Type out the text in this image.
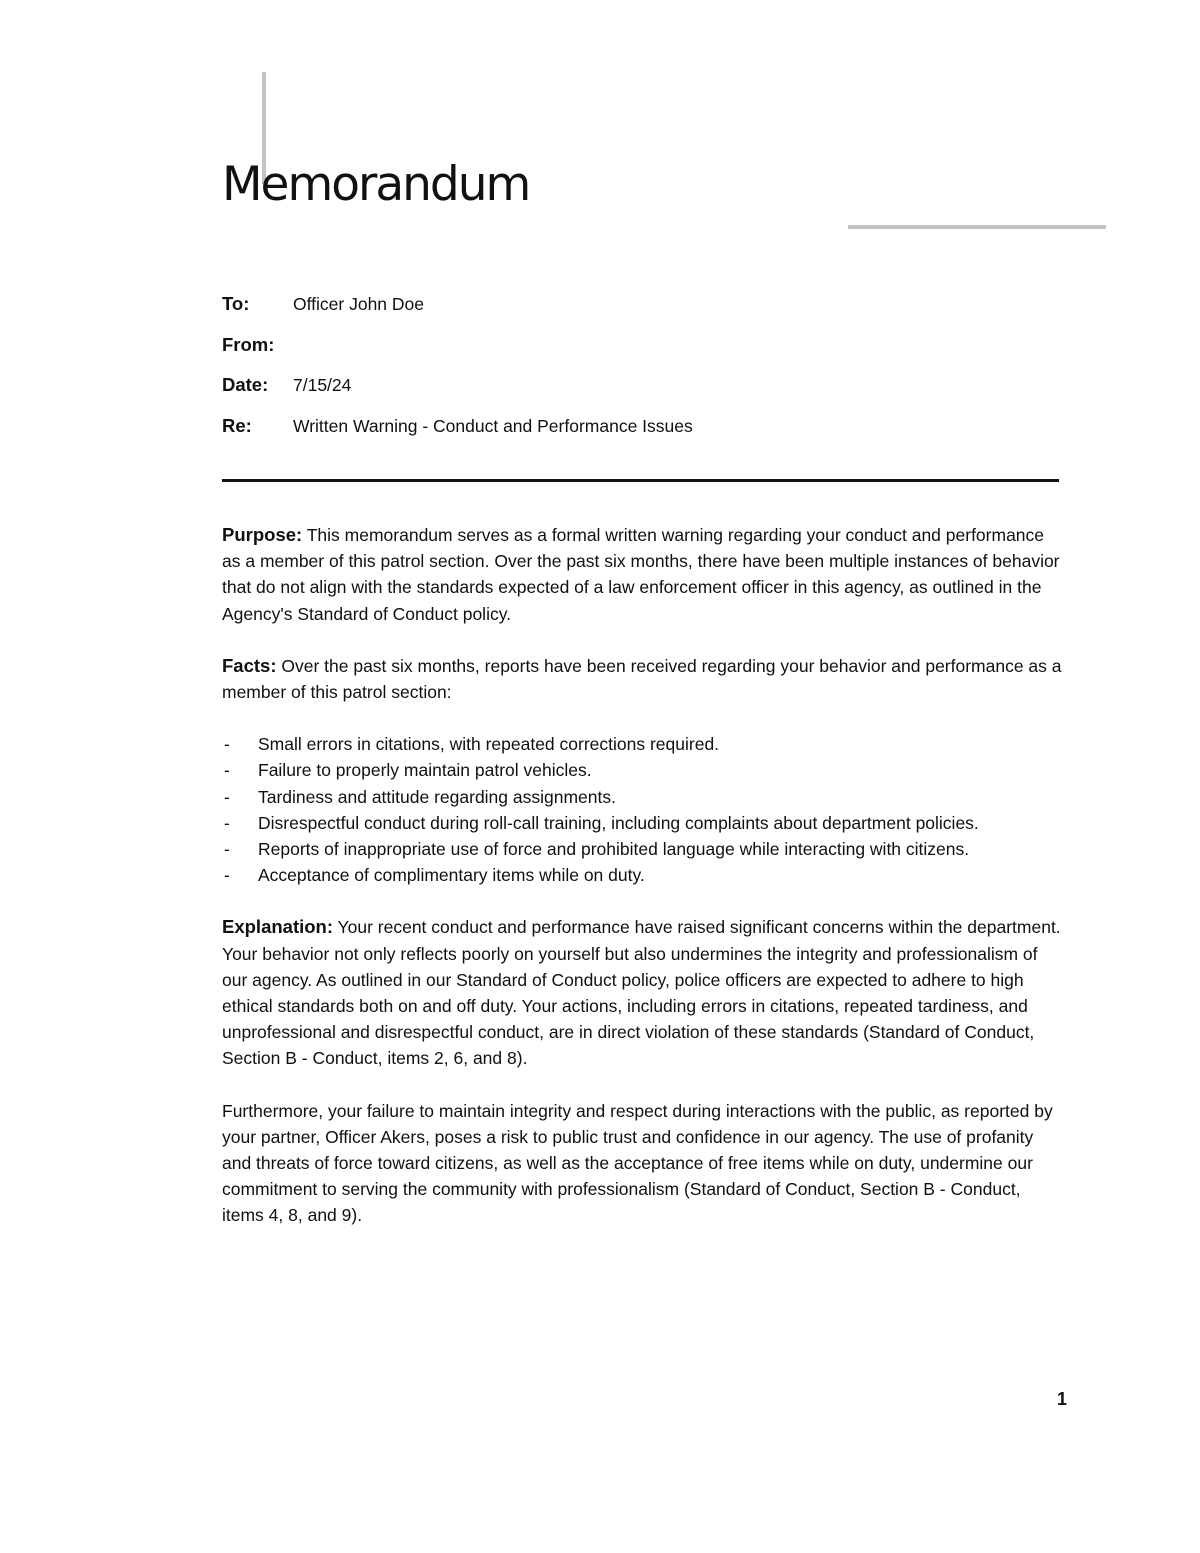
Memorandum
To:	Officer John Doe
From:
Date:	7/15/24
Re:	Written Warning - Conduct and Performance Issues

Purpose: This memorandum serves as a formal written warning regarding your conduct and performance as a member of this patrol section. Over the past six months, there have been multiple instances of behavior that do not align with the standards expected of a law enforcement officer in this agency, as outlined in the Agency's Standard of Conduct policy.

Facts: Over the past six months, reports have been received regarding your behavior and performance as a member of this patrol section:

- Small errors in citations, with repeated corrections required.
- Failure to properly maintain patrol vehicles.
- Tardiness and attitude regarding assignments.
- Disrespectful conduct during roll-call training, including complaints about department policies.
- Reports of inappropriate use of force and prohibited language while interacting with citizens.
- Acceptance of complimentary items while on duty.

Explanation: Your recent conduct and performance have raised significant concerns within the department. Your behavior not only reflects poorly on yourself but also undermines the integrity and professionalism of our agency. As outlined in our Standard of Conduct policy, police officers are expected to adhere to high ethical standards both on and off duty. Your actions, including errors in citations, repeated tardiness, and unprofessional and disrespectful conduct, are in direct violation of these standards (Standard of Conduct, Section B - Conduct, items 2, 6, and 8).

Furthermore, your failure to maintain integrity and respect during interactions with the public, as reported by your partner, Officer Akers, poses a risk to public trust and confidence in our agency. The use of profanity and threats of force toward citizens, as well as the acceptance of free items while on duty, undermine our commitment to serving the community with professionalism (Standard of Conduct, Section B - Conduct, items 4, 8, and 9).

1
